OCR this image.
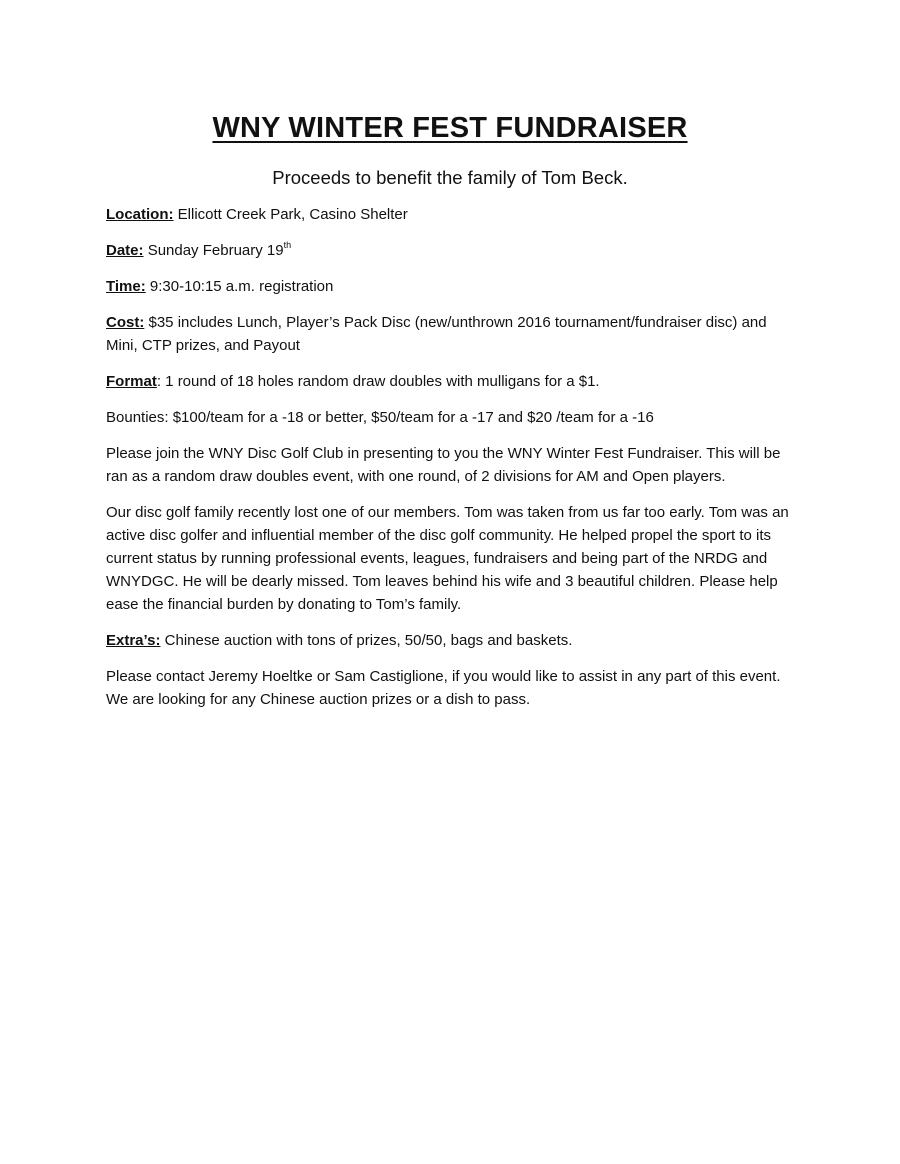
WNY WINTER FEST FUNDRAISER

Proceeds to benefit the family of Tom Beck.

Location: Ellicott Creek Park, Casino Shelter

Date: Sunday February 19th

Time: 9:30-10:15 a.m. registration

Cost: $35 includes Lunch, Player’s Pack Disc (new/unthrown 2016 tournament/fundraiser disc) and Mini, CTP prizes, and Payout

Format: 1 round of 18 holes random draw doubles with mulligans for a $1.

Bounties: $100/team for a -18 or better, $50/team for a -17 and $20 /team for a -16

Please join the WNY Disc Golf Club in presenting to you the WNY Winter Fest Fundraiser. This will be ran as a random draw doubles event, with one round, of 2 divisions for AM and Open players.

Our disc golf family recently lost one of our members. Tom was taken from us far too early. Tom was an active disc golfer and influential member of the disc golf community. He helped propel the sport to its current status by running professional events, leagues, fundraisers and being part of the NRDG and WNYDGC. He will be dearly missed. Tom leaves behind his wife and 3 beautiful children. Please help ease the financial burden by donating to Tom’s family.

Extra’s: Chinese auction with tons of prizes, 50/50, bags and baskets.

Please contact Jeremy Hoeltke or Sam Castiglione, if you would like to assist in any part of this event. We are looking for any Chinese auction prizes or a dish to pass.
